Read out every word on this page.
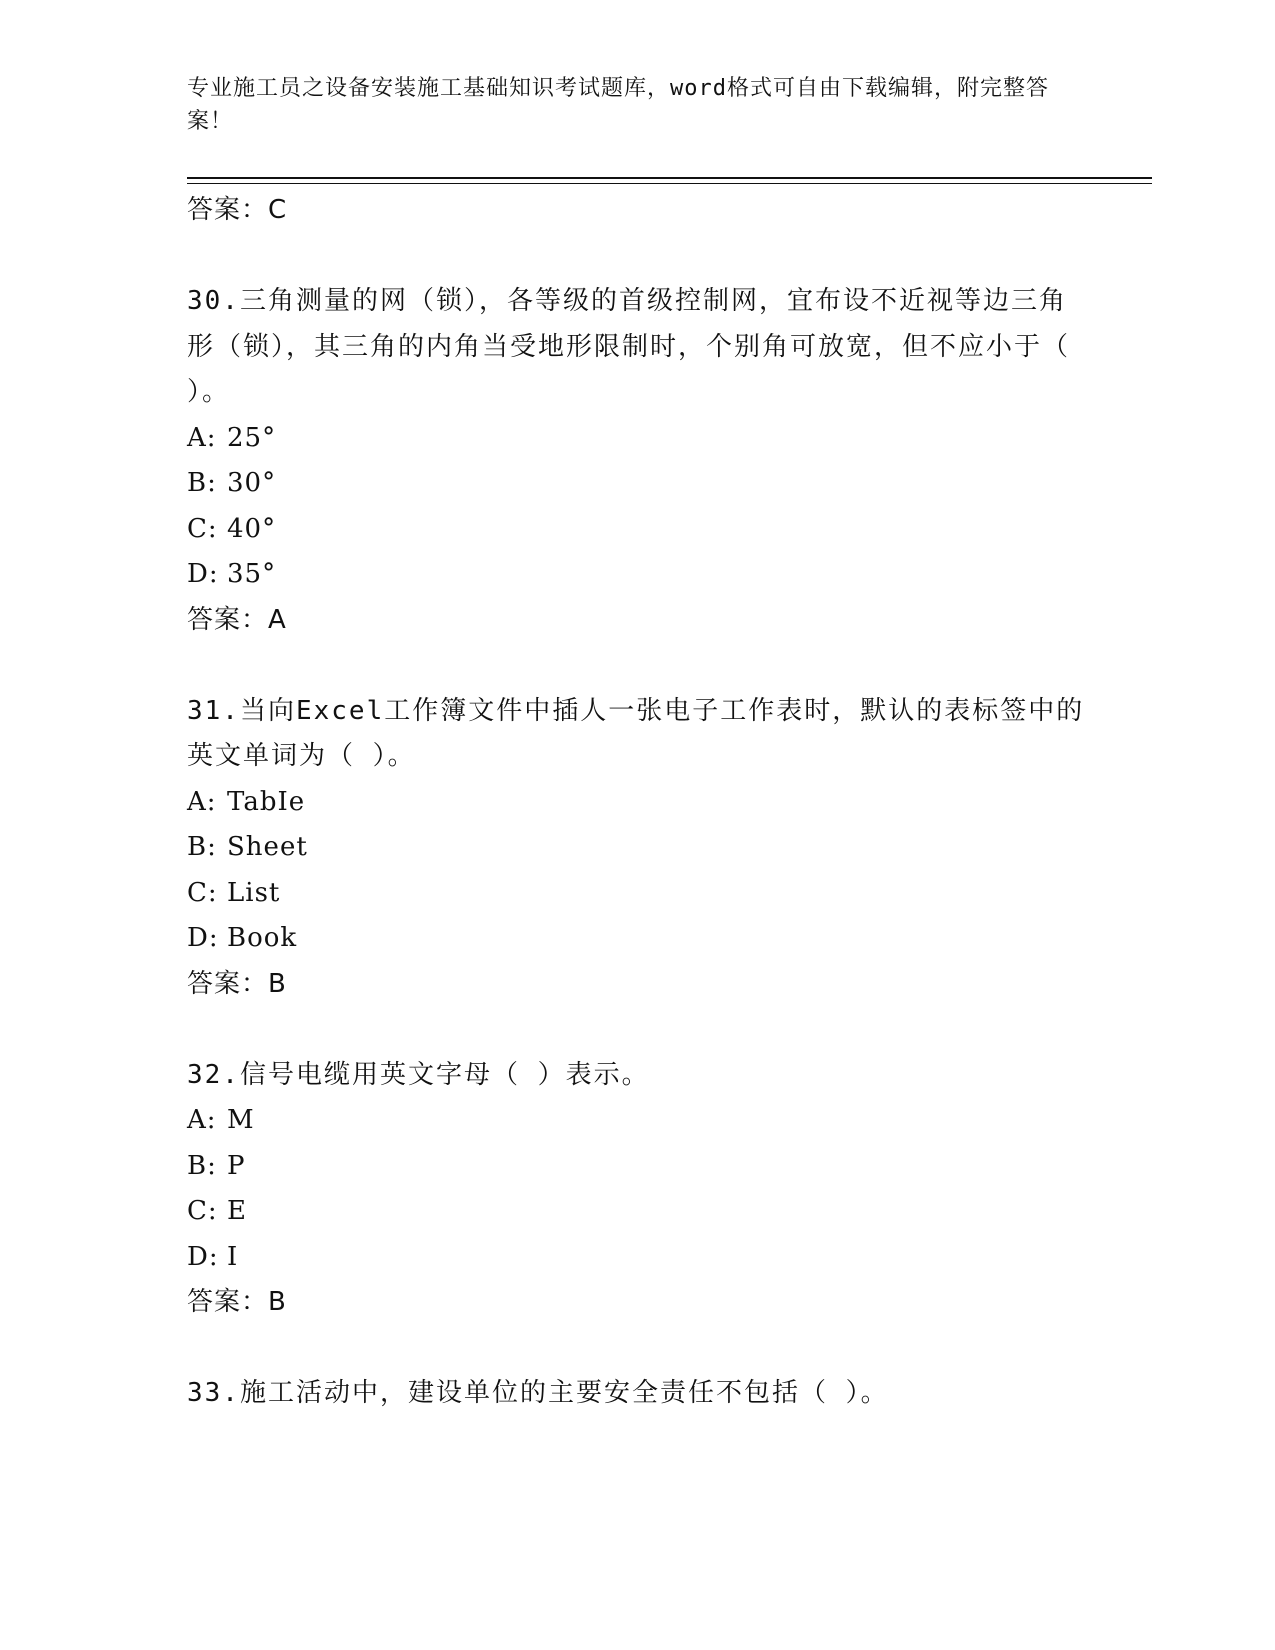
专业施工员之设备安装施工基础知识考试题库，word格式可自由下载编辑，附完整答案！
答案：C
30.三角测量的网（锁），各等级的首级控制网，宜布设不近视等边三角形（锁），其三角的内角当受地形限制时，个别角可放宽，但不应小于（ ）。
A: 25°
B: 30°
C: 40°
D: 35°
答案：A
31.当向Excel工作簿文件中插人一张电子工作表时，默认的表标签中的英文单词为（ ）。
A: TabIe
B: Sheet
C: List
D: Book
答案：B
32.信号电缆用英文字母（ ）表示。
A: M
B: P
C: E
D: I
答案：B
33.施工活动中，建设单位的主要安全责任不包括（ ）。
